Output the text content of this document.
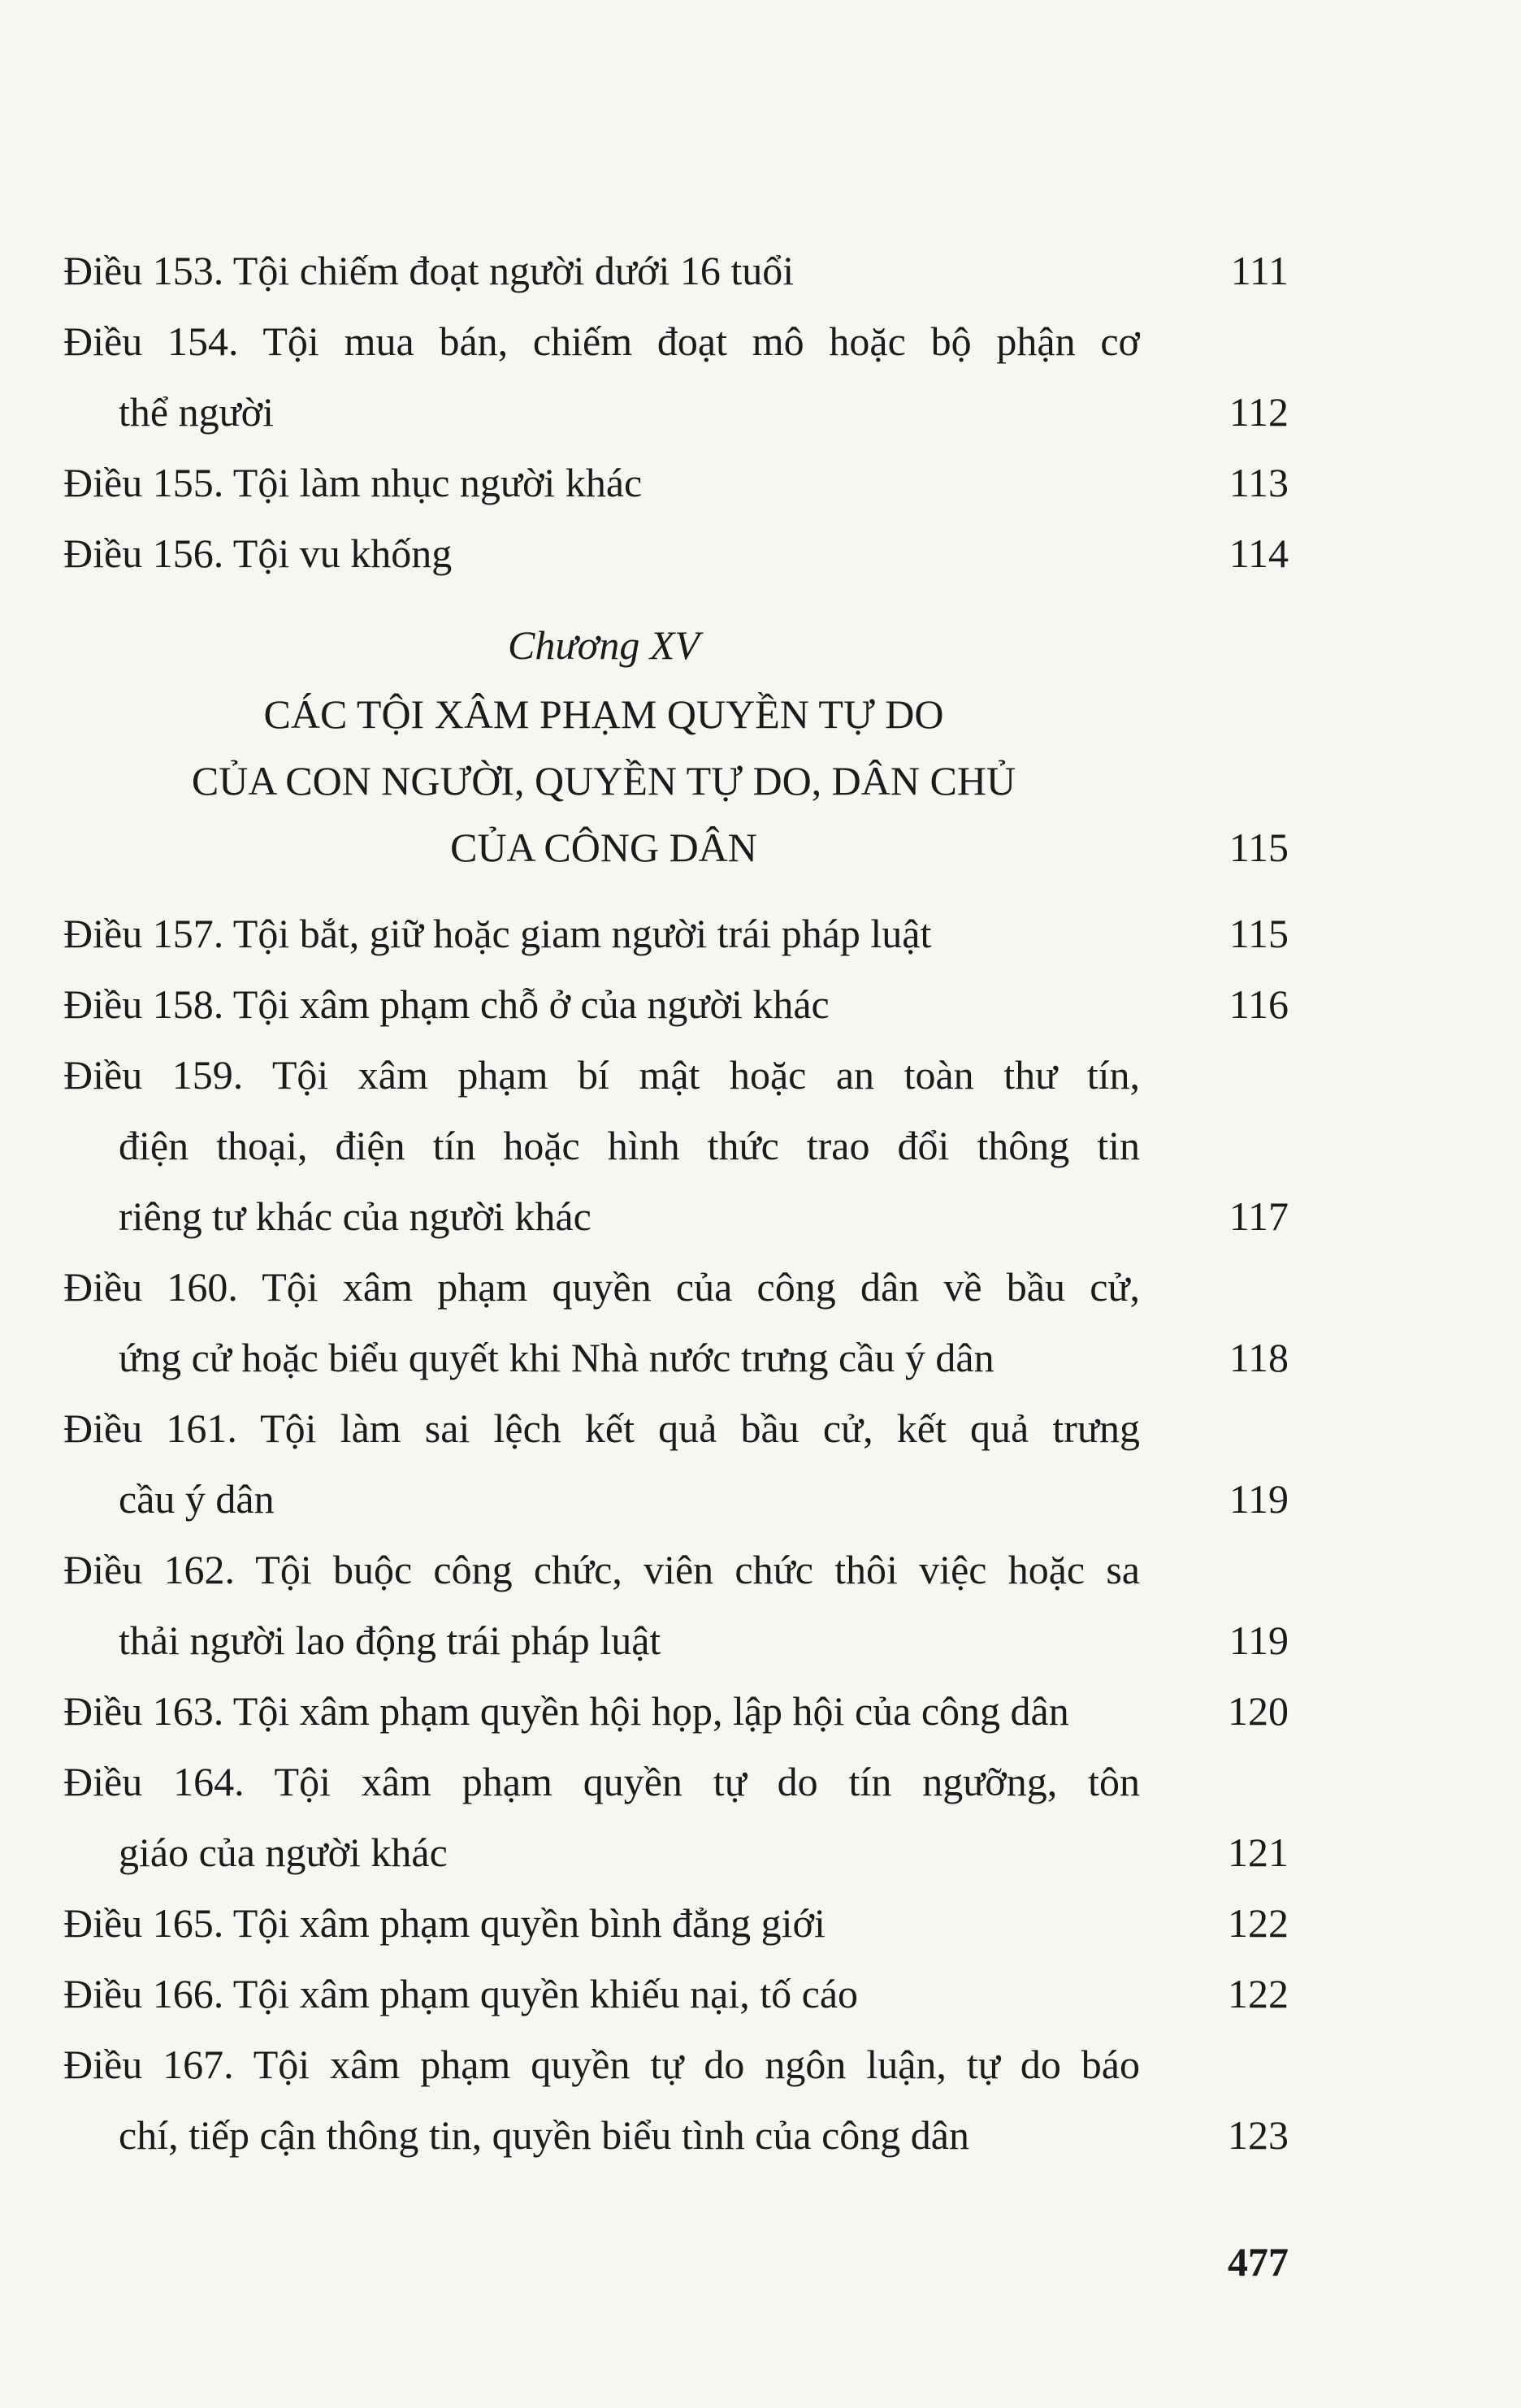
Điều 153. Tội chiếm đoạt người dưới 16 tuổi	111
Điều 154. Tội mua bán, chiếm đoạt mô hoặc bộ phận cơ
thể người	112
Điều 155. Tội làm nhục người khác	113
Điều 156. Tội vu khống	114
Chương XV
CÁC TỘI XÂM PHẠM QUYỀN TỰ DO
CỦA CON NGƯỜI, QUYỀN TỰ DO, DÂN CHỦ
CỦA CÔNG DÂN	115
Điều 157. Tội bắt, giữ hoặc giam người trái pháp luật	115
Điều 158. Tội xâm phạm chỗ ở của người khác	116
Điều 159. Tội xâm phạm bí mật hoặc an toàn thư tín,
điện thoại, điện tín hoặc hình thức trao đổi thông tin
riêng tư khác của người khác	117
Điều 160. Tội xâm phạm quyền của công dân về bầu cử,
ứng cử hoặc biểu quyết khi Nhà nước trưng cầu ý dân	118
Điều 161. Tội làm sai lệch kết quả bầu cử, kết quả trưng
cầu ý dân	119
Điều 162. Tội buộc công chức, viên chức thôi việc hoặc sa
thải người lao động trái pháp luật	119
Điều 163. Tội xâm phạm quyền hội họp, lập hội của công dân	120
Điều 164. Tội xâm phạm quyền tự do tín ngưỡng, tôn
giáo của người khác	121
Điều 165. Tội xâm phạm quyền bình đẳng giới	122
Điều 166. Tội xâm phạm quyền khiếu nại, tố cáo	122
Điều 167. Tội xâm phạm quyền tự do ngôn luận, tự do báo
chí, tiếp cận thông tin, quyền biểu tình của công dân	123
477
